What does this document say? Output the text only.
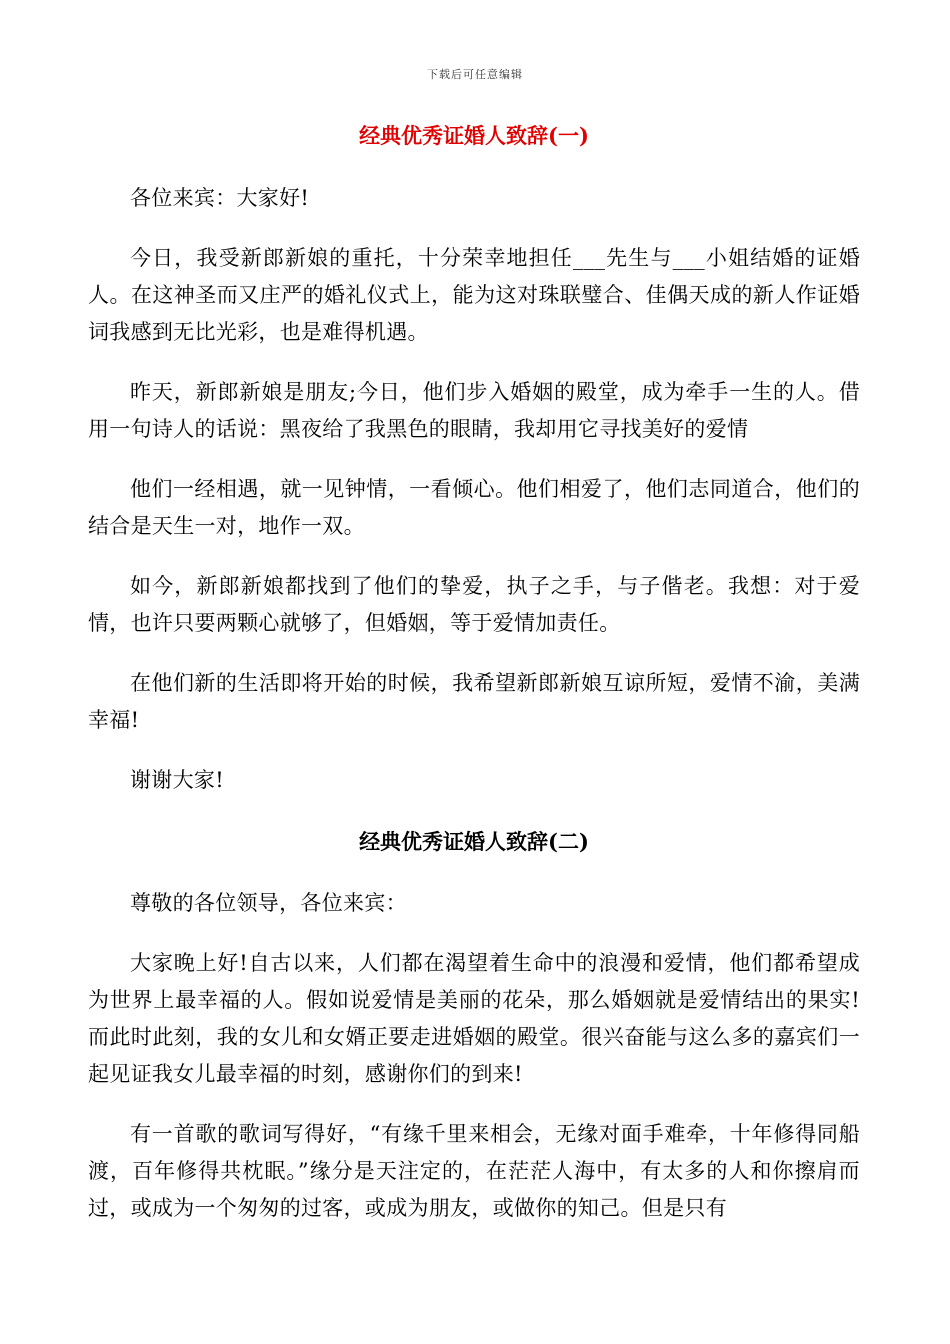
下载后可任意编辑
经典优秀证婚人致辞(一)

各位来宾：大家好!

今日，我受新郎新娘的重托，十分荣幸地担任___先生与___小姐结婚的证婚人。在这神圣而又庄严的婚礼仪式上，能为这对珠联璧合、佳偶天成的新人作证婚词我感到无比光彩，也是难得机遇。

昨天，新郎新娘是朋友;今日，他们步入婚姻的殿堂，成为牵手一生的人。借用一句诗人的话说：黑夜给了我黑色的眼睛，我却用它寻找美好的爱情

他们一经相遇，就一见钟情，一看倾心。他们相爱了，他们志同道合，他们的结合是天生一对，地作一双。

如今，新郎新娘都找到了他们的挚爱，执子之手，与子偕老。我想：对于爱情，也许只要两颗心就够了，但婚姻，等于爱情加责任。

在他们新的生活即将开始的时候，我希望新郎新娘互谅所短，爱情不渝，美满幸福!

谢谢大家!

经典优秀证婚人致辞(二)

尊敬的各位领导，各位来宾：

大家晚上好!自古以来，人们都在渴望着生命中的浪漫和爱情，他们都希望成为世界上最幸福的人。假如说爱情是美丽的花朵，那么婚姻就是爱情结出的果实!而此时此刻，我的女儿和女婿正要走进婚姻的殿堂。很兴奋能与这么多的嘉宾们一起见证我女儿最幸福的时刻，感谢你们的到来!

有一首歌的歌词写得好，“有缘千里来相会，无缘对面手难牵，十年修得同船渡，百年修得共枕眠。”缘分是天注定的，在茫茫人海中，有太多的人和你擦肩而过，或成为一个匆匆的过客，或成为朋友，或做你的知己。但是只有
